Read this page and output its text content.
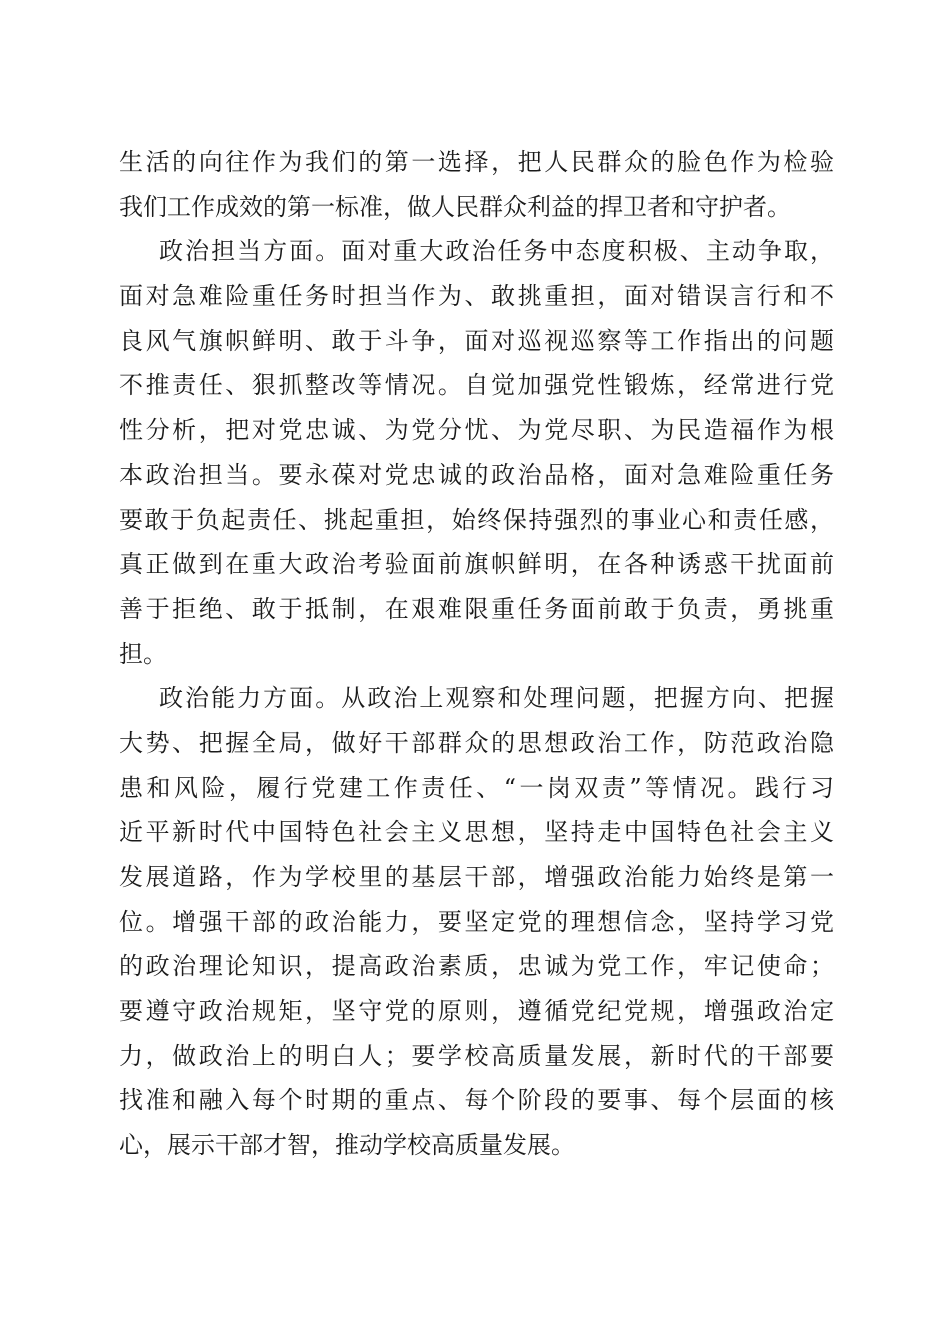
生活的向往作为我们的第一选择，把人民群众的脸色作为检验
我们工作成效的第一标准，做人民群众利益的捍卫者和守护者。
政治担当方面。面对重大政治任务中态度积极、主动争取，
面对急难险重任务时担当作为、敢挑重担，面对错误言行和不
良风气旗帜鲜明、敢于斗争，面对巡视巡察等工作指出的问题
不推责任、狠抓整改等情况。自觉加强党性锻炼，经常进行党
性分析，把对党忠诚、为党分忧、为党尽职、为民造福作为根
本政治担当。要永葆对党忠诚的政治品格，面对急难险重任务
要敢于负起责任、挑起重担，始终保持强烈的事业心和责任感，
真正做到在重大政治考验面前旗帜鲜明，在各种诱惑干扰面前
善于拒绝、敢于抵制，在艰难限重任务面前敢于负责，勇挑重
担。
政治能力方面。从政治上观察和处理问题，把握方向、把握
大势、把握全局，做好干部群众的思想政治工作，防范政治隐
患和风险，履行党建工作责任、“一岗双责”等情况。践行习
近平新时代中国特色社会主义思想，坚持走中国特色社会主义
发展道路，作为学校里的基层干部，增强政治能力始终是第一
位。增强干部的政治能力，要坚定党的理想信念，坚持学习党
的政治理论知识，提高政治素质，忠诚为党工作，牢记使命；
要遵守政治规矩，坚守党的原则，遵循党纪党规，增强政治定
力，做政治上的明白人；要学校高质量发展，新时代的干部要
找准和融入每个时期的重点、每个阶段的要事、每个层面的核
心，展示干部才智，推动学校高质量发展。
